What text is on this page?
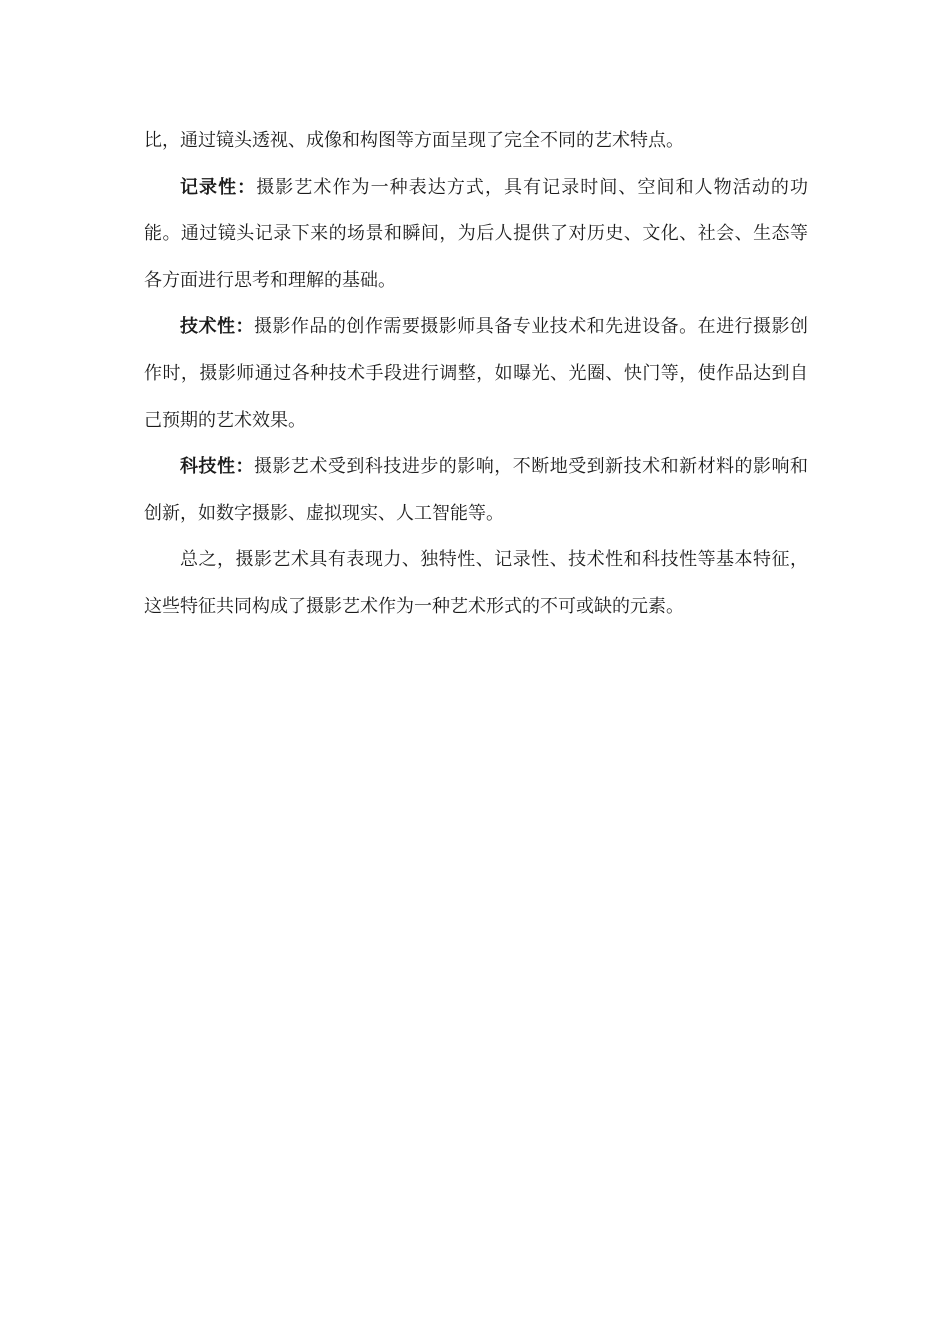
比，通过镜头透视、成像和构图等方面呈现了完全不同的艺术特点。

记录性：摄影艺术作为一种表达方式，具有记录时间、空间和人物活动的功能。通过镜头记录下来的场景和瞬间，为后人提供了对历史、文化、社会、生态等各方面进行思考和理解的基础。

技术性：摄影作品的创作需要摄影师具备专业技术和先进设备。在进行摄影创作时，摄影师通过各种技术手段进行调整，如曝光、光圈、快门等，使作品达到自己预期的艺术效果。

科技性：摄影艺术受到科技进步的影响，不断地受到新技术和新材料的影响和创新，如数字摄影、虚拟现实、人工智能等。

总之，摄影艺术具有表现力、独特性、记录性、技术性和科技性等基本特征，这些特征共同构成了摄影艺术作为一种艺术形式的不可或缺的元素。
